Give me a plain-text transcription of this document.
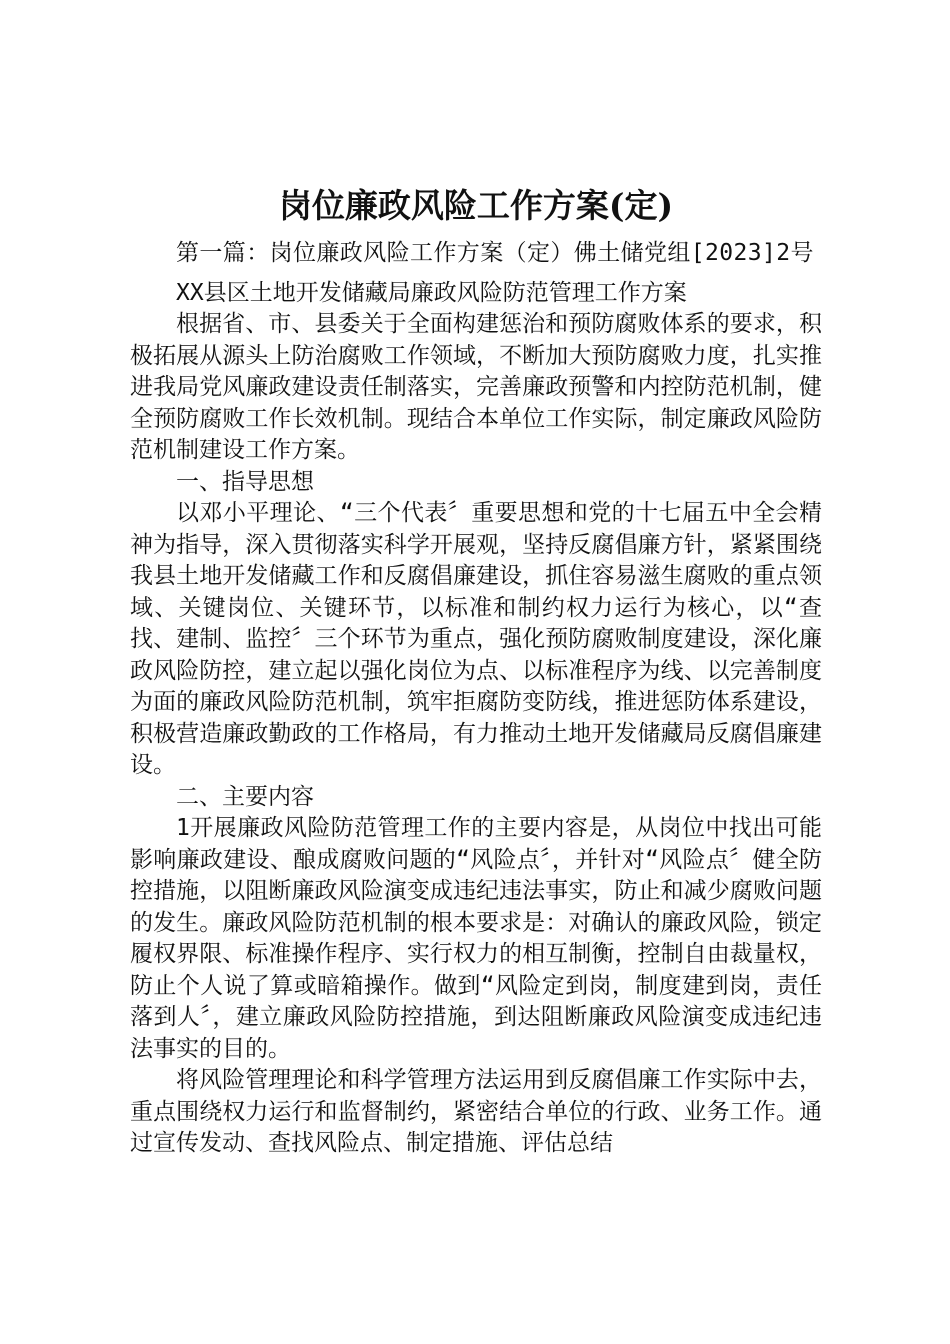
岗位廉政风险工作方案(定)

第一篇：岗位廉政风险工作方案（定）佛土储党组[2023]2号

XX县区土地开发储藏局廉政风险防范管理工作方案

根据省、市、县委关于全面构建惩治和预防腐败体系的要求，积极拓展从源头上防治腐败工作领域，不断加大预防腐败力度，扎实推进我局党风廉政建设责任制落实，完善廉政预警和内控防范机制，健全预防腐败工作长效机制。现结合本单位工作实际，制定廉政风险防范机制建设工作方案。

一、指导思想

以邓小平理论、“三个代表〞重要思想和党的十七届五中全会精神为指导，深入贯彻落实科学开展观，坚持反腐倡廉方针，紧紧围绕我县土地开发储藏工作和反腐倡廉建设，抓住容易滋生腐败的重点领域、关键岗位、关键环节，以标准和制约权力运行为核心，以“查找、建制、监控〞三个环节为重点，强化预防腐败制度建设，深化廉政风险防控，建立起以强化岗位为点、以标准程序为线、以完善制度为面的廉政风险防范机制，筑牢拒腐防变防线，推进惩防体系建设，积极营造廉政勤政的工作格局，有力推动土地开发储藏局反腐倡廉建设。

二、主要内容

1开展廉政风险防范管理工作的主要内容是，从岗位中找出可能影响廉政建设、酿成腐败问题的“风险点〞，并针对“风险点〞健全防控措施，以阻断廉政风险演变成违纪违法事实，防止和减少腐败问题的发生。廉政风险防范机制的根本要求是：对确认的廉政风险，锁定履权界限、标准操作程序、实行权力的相互制衡，控制自由裁量权，防止个人说了算或暗箱操作。做到“风险定到岗，制度建到岗，责任落到人〞，建立廉政风险防控措施，到达阻断廉政风险演变成违纪违法事实的目的。

将风险管理理论和科学管理方法运用到反腐倡廉工作实际中去，重点围绕权力运行和监督制约，紧密结合单位的行政、业务工作。通过宣传发动、查找风险点、制定措施、评估总结
